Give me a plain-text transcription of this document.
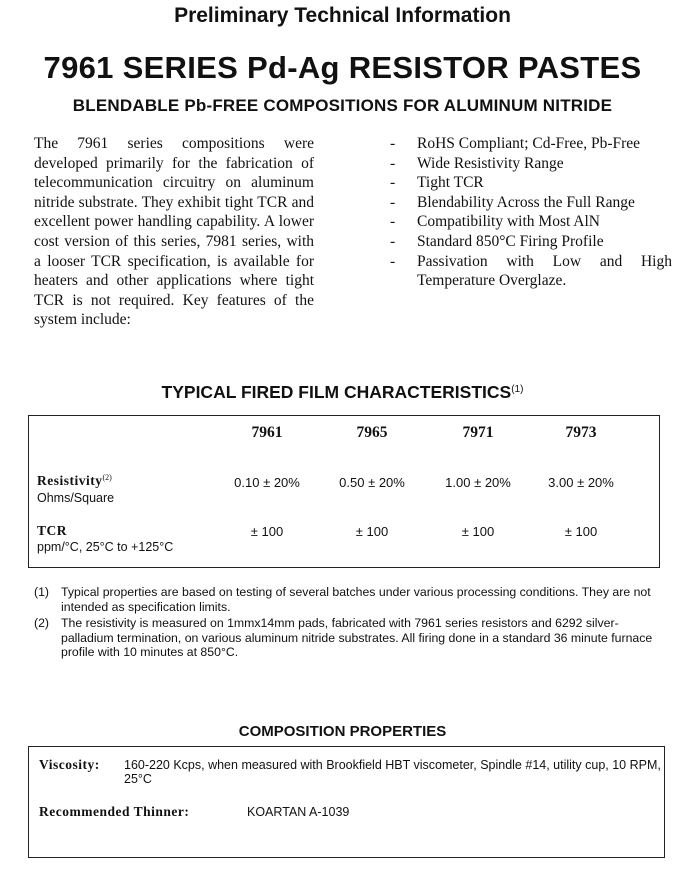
Preliminary Technical Information
7961 SERIES Pd-Ag RESISTOR PASTES
BLENDABLE Pb-FREE COMPOSITIONS FOR ALUMINUM NITRIDE
The 7961 series compositions were developed primarily for the fabrication of telecommunication circuitry on aluminum nitride substrate. They exhibit tight TCR and excellent power handling capability. A lower cost version of this series, 7981 series, with a looser TCR specification, is available for heaters and other applications where tight TCR is not required. Key features of the system include:
- RoHS Compliant; Cd-Free, Pb-Free
- Wide Resistivity Range
- Tight TCR
- Blendability Across the Full Range
- Compatibility with Most AlN
- Standard 850°C Firing Profile
- Passivation with Low and High Temperature Overglaze.
TYPICAL FIRED FILM CHARACTERISTICS$^{(1)}$
7961	7965	7971	7973
Resistivity$^{(2)}$
Ohms/Square
0.10 ± 20%	0.50 ± 20%	1.00 ± 20%	3.00 ± 20%
TCR
ppm/°C, 25°C to +125°C
± 100	± 100	± 100	± 100
(1) Typical properties are based on testing of several batches under various processing conditions. They are not intended as specification limits.
(2) The resistivity is measured on 1mmx14mm pads, fabricated with 7961 series resistors and 6292 silver-palladium termination, on various aluminum nitride substrates. All firing done in a standard 36 minute furnace profile with 10 minutes at 850°C.
COMPOSITION PROPERTIES
Viscosity: 160-220 Kcps, when measured with Brookfield HBT viscometer, Spindle #14, utility cup, 10 RPM, 25°C
Recommended Thinner:	KOARTAN A-1039
